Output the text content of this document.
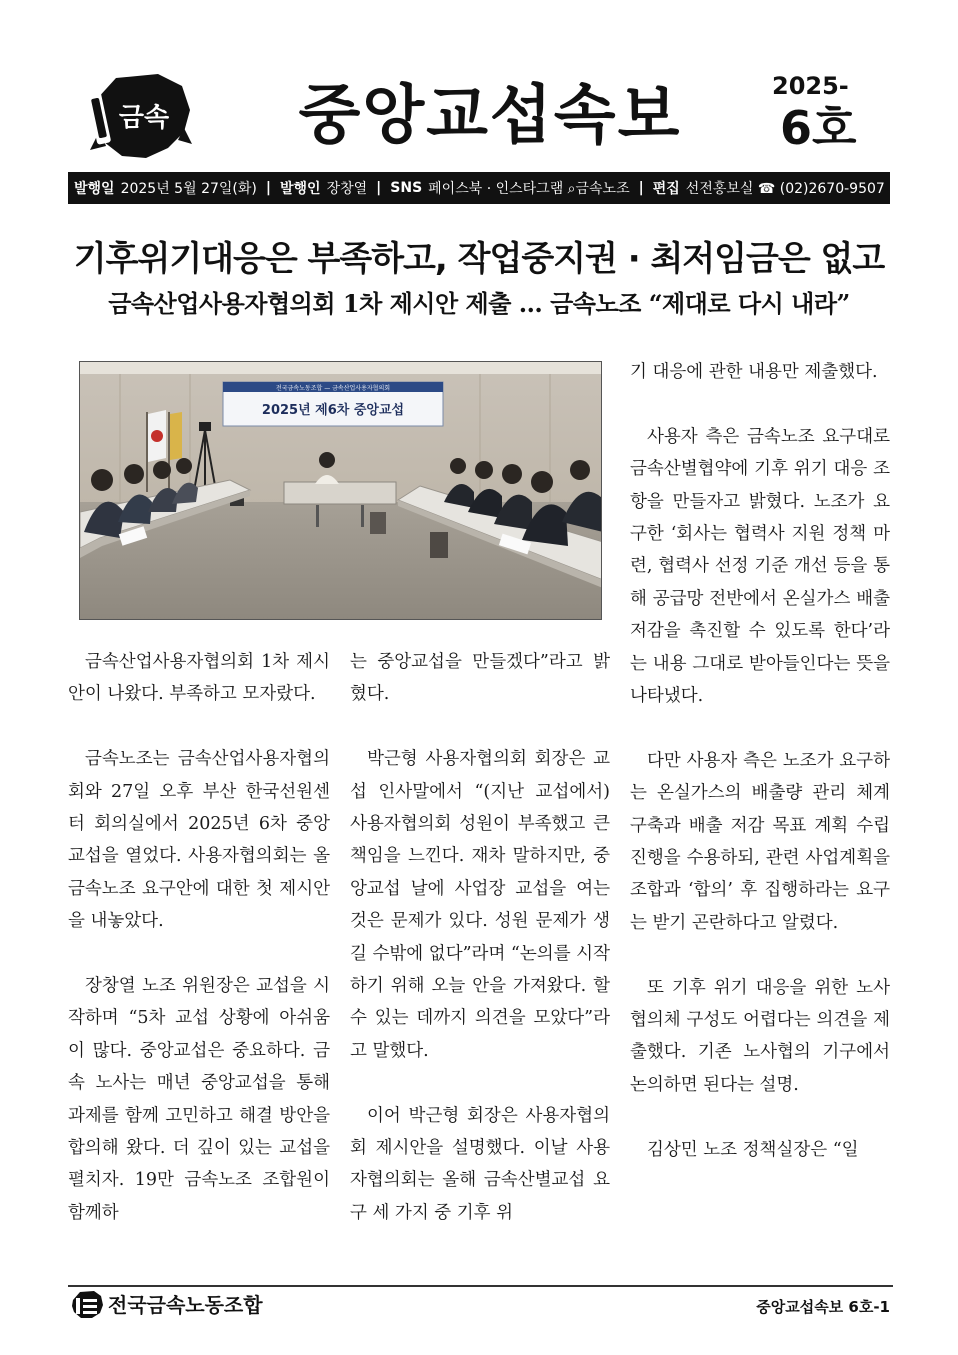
금속	중앙교섭속보	2025-
6호
발행일 2025년 5월 27일(화) | 발행인 장창열 | SNS 페이스북 · 인스타그램 ⌕금속노조 | 편집 선전홍보실 ☎ (02)2670-9507
기후위기대응은 부족하고, 작업중지권 · 최저임금은 없고
금속산업사용자협의회 1차 제시안 제출 … 금속노조 “제대로 다시 내라”
전국금속노동조합 — 금속산업사용자협의회
2025년 제6차 중앙교섭

금속산업사용자협의회 1차 제시안이 나왔다. 부족하고 모자랐다.

금속노조는 금속산업사용자협의회와 27일 오후 부산 한국선원센터 회의실에서 2025년 6차 중앙교섭을 열었다. 사용자협의회는 올 금속노조 요구안에 대한 첫 제시안을 내놓았다.

장창열 노조 위원장은 교섭을 시작하며 “5차 교섭 상황에 아쉬움이 많다. 중앙교섭은 중요하다. 금속 노사는 매년 중앙교섭을 통해 과제를 함께 고민하고 해결 방안을 합의해 왔다. 더 깊이 있는 교섭을 펼치자. 19만 금속노조 조합원이 함께하

는 중앙교섭을 만들겠다”라고 밝혔다.

박근형 사용자협의회 회장은 교섭 인사말에서 “(지난 교섭에서) 사용자협의회 성원이 부족했고 큰 책임을 느낀다. 재차 말하지만, 중앙교섭 날에 사업장 교섭을 여는 것은 문제가 있다. 성원 문제가 생길 수밖에 없다”라며 “논의를 시작하기 위해 오늘 안을 가져왔다. 할 수 있는 데까지 의견을 모았다”라고 말했다.

이어 박근형 회장은 사용자협의회 제시안을 설명했다. 이날 사용자협의회는 올해 금속산별교섭 요구 세 가지 중 기후 위

기 대응에 관한 내용만 제출했다.

사용자 측은 금속노조 요구대로 금속산별협약에 기후 위기 대응 조항을 만들자고 밝혔다. 노조가 요구한 ‘회사는 협력사 지원 정책 마련, 협력사 선정 기준 개선 등을 통해 공급망 전반에서 온실가스 배출 저감을 촉진할 수 있도록 한다’라는 내용 그대로 받아들인다는 뜻을 나타냈다.

다만 사용자 측은 노조가 요구하는 온실가스의 배출량 관리 체계 구축과 배출 저감 목표 계획 수립 진행을 수용하되, 관련 사업계획을 조합과 ‘합의’ 후 집행하라는 요구는 받기 곤란하다고 알렸다.

또 기후 위기 대응을 위한 노사협의체 구성도 어렵다는 의견을 제출했다. 기존 노사협의 기구에서 논의하면 된다는 설명.

김상민 노조 정책실장은 “일

전국금속노동조합	중앙교섭속보 6호-1
